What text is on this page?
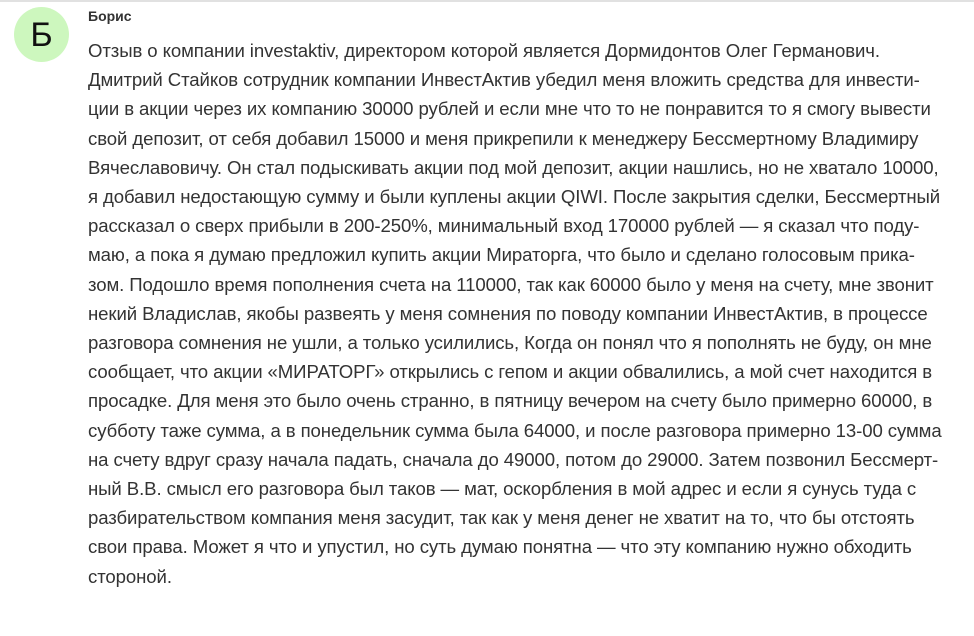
Б	Борис
Отзыв о компании investaktiv, директором которой является Дормидонтов Олег Германович.
Дмитрий Стайков сотрудник компании ИнвестАктив убедил меня вложить средства для инвести-
ции в акции через их компанию 30000 рублей и если мне что то не понравится то я смогу вывести
свой депозит, от себя добавил 15000 и меня прикрепили к менеджеру Бессмертному Владимиру
Вячеславовичу. Он стал подыскивать акции под мой депозит, акции нашлись, но не хватало 10000,
я добавил недостающую сумму и были куплены акции QIWI. После закрытия сделки, Бессмертный
рассказал о сверх прибыли в 200-250%, минимальный вход 170000 рублей — я сказал что поду-
маю, а пока я думаю предложил купить акции Мираторга, что было и сделано голосовым прика-
зом. Подошло время пополнения счета на 110000, так как 60000 было у меня на счету, мне звонит
некий Владислав, якобы развеять у меня сомнения по поводу компании ИнвестАктив, в процессе
разговора сомнения не ушли, а только усилились, Когда он понял что я пополнять не буду, он мне
сообщает, что акции «МИРАТОРГ» открылись с гепом и акции обвалились, а мой счет находится в
просадке. Для меня это было очень странно, в пятницу вечером на счету было примерно 60000, в
субботу таже сумма, а в понедельник сумма была 64000, и после разговора примерно 13-00 сумма
на счету вдруг сразу начала падать, сначала до 49000, потом до 29000. Затем позвонил Бессмерт-
ный В.В. смысл его разговора был таков — мат, оскорбления в мой адрес и если я сунусь туда с
разбирательством компания меня засудит, так как у меня денег не хватит на то, что бы отстоять
свои права. Может я что и упустил, но суть думаю понятна — что эту компанию нужно обходить
стороной.
